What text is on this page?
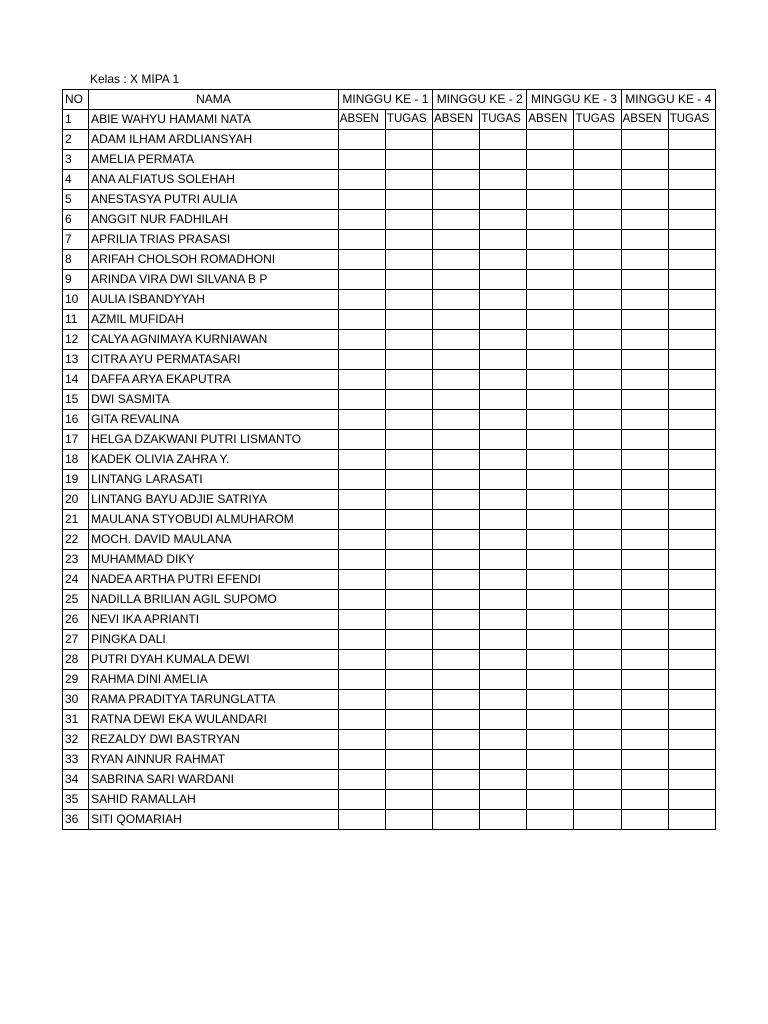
Kelas : X MIPA 1
NO	NAMA	MINGGU KE - 1		MINGGU KE - 2		MINGGU KE - 3		MINGGU KE - 4	
1	ABIE WAHYU HAMAMI NATA	ABSEN	TUGAS	ABSEN	TUGAS	ABSEN	TUGAS	ABSEN	TUGAS
2	ADAM ILHAM ARDLIANSYAH								
3	AMELIA PERMATA								
4	ANA ALFIATUS SOLEHAH								
5	ANESTASYA PUTRI AULIA								
6	ANGGIT NUR FADHILAH								
7	APRILIA TRIAS PRASASI								
8	ARIFAH CHOLSOH ROMADHONI								
9	ARINDA VIRA DWI SILVANA B P								
10	AULIA ISBANDYYAH								
11	AZMIL MUFIDAH								
12	CALYA AGNIMAYA KURNIAWAN								
13	CITRA AYU PERMATASARI								
14	DAFFA ARYA EKAPUTRA								
15	DWI SASMITA								
16	GITA REVALINA								
17	HELGA DZAKWANI PUTRI LISMANTO								
18	KADEK OLIVIA ZAHRA Y.								
19	LINTANG LARASATI								
20	LINTANG BAYU ADJIE SATRIYA								
21	MAULANA STYOBUDI ALMUHAROM								
22	MOCH. DAVID MAULANA								
23	MUHAMMAD DIKY								
24	NADEA ARTHA PUTRI EFENDI								
25	NADILLA BRILIAN AGIL SUPOMO								
26	NEVI IKA APRIANTI								
27	PINGKA DALI								
28	PUTRI DYAH KUMALA DEWI								
29	RAHMA DINI AMELIA								
30	RAMA PRADITYA TARUNGLATTA								
31	RATNA DEWI EKA WULANDARI								
32	REZALDY DWI BASTRYAN								
33	RYAN AINNUR RAHMAT								
34	SABRINA SARI WARDANI								
35	SAHID RAMALLAH								
36	SITI QOMARIAH								
